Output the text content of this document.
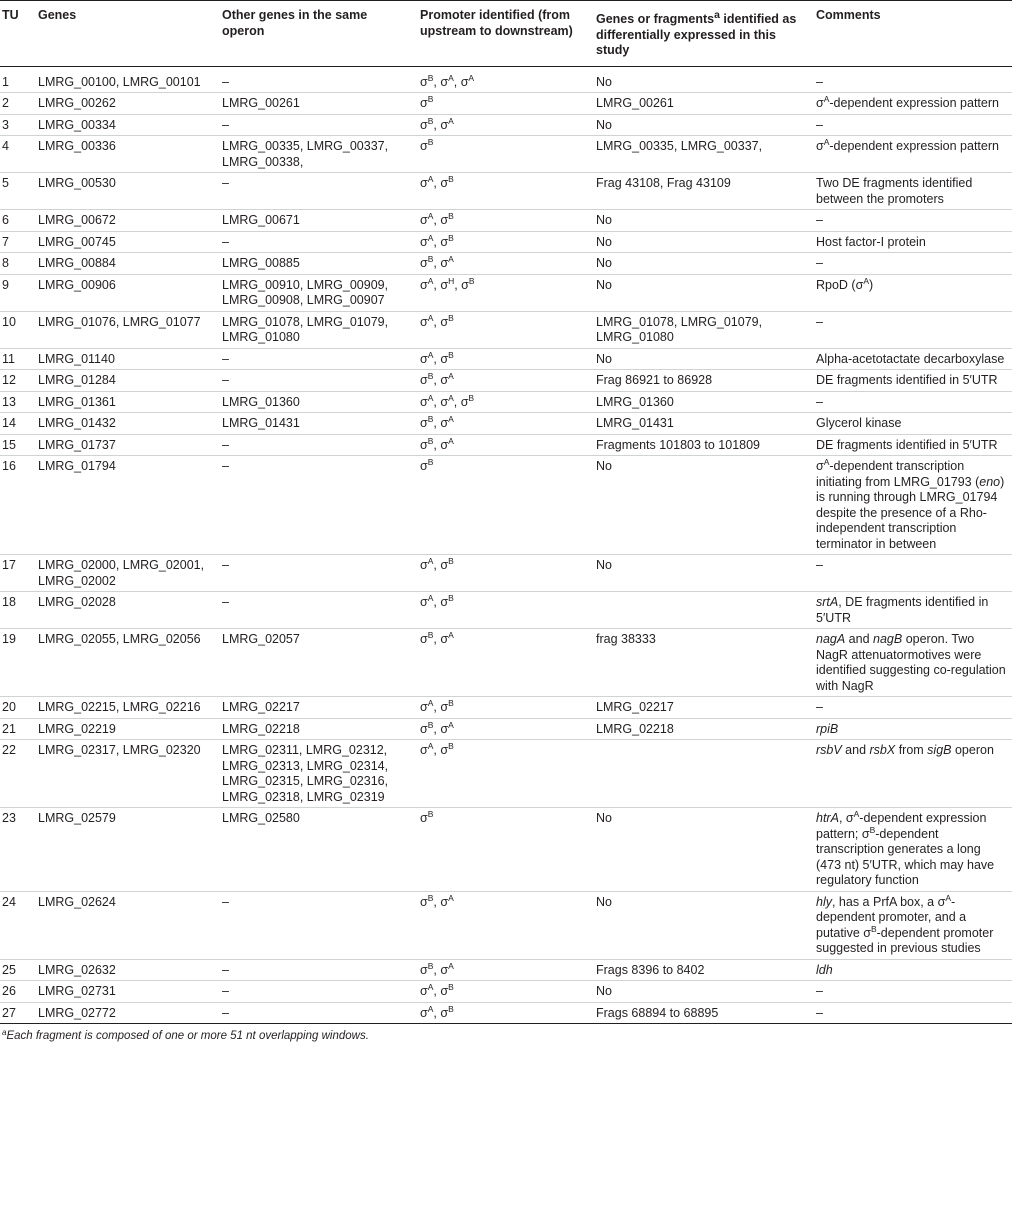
TU	Genes	Other genes in the same operon	Promoter identified (from upstream to downstream)	Genes or fragments$^a$ identified as differentially expressed in this study	Comments
1	LMRG_00100, LMRG_00101	–	$\sigma^B$, $\sigma^A$, $\sigma^A$	No	–
2	LMRG_00262	LMRG_00261	$\sigma^B$	LMRG_00261	$\sigma^A$-dependent expression pattern
3	LMRG_00334	–	$\sigma^B$, $\sigma^A$	No	–
4	LMRG_00336	LMRG_00335, LMRG_00337, LMRG_00338,	$\sigma^B$	LMRG_00335, LMRG_00337,	$\sigma^A$-dependent expression pattern
5	LMRG_00530	–	$\sigma^A$, $\sigma^B$	Frag 43108, Frag 43109	Two DE fragments identified between the promoters
6	LMRG_00672	LMRG_00671	$\sigma^A$, $\sigma^B$	No	–
7	LMRG_00745	–	$\sigma^A$, $\sigma^B$	No	Host factor-I protein
8	LMRG_00884	LMRG_00885	$\sigma^B$, $\sigma^A$	No	–
9	LMRG_00906	LMRG_00910, LMRG_00909, LMRG_00908, LMRG_00907	$\sigma^A$, $\sigma^H$, $\sigma^B$	No	RpoD $(\sigma^A)$
10	LMRG_01076, LMRG_01077	LMRG_01078, LMRG_01079, LMRG_01080	$\sigma^A$, $\sigma^B$	LMRG_01078, LMRG_01079, LMRG_01080	–
11	LMRG_01140	–	$\sigma^A$, $\sigma^B$	No	Alpha-acetotactate decarboxylase
12	LMRG_01284	–	$\sigma^B$, $\sigma^A$	Frag 86921 to 86928	DE fragments identified in 5′UTR
13	LMRG_01361	LMRG_01360	$\sigma^A$, $\sigma^A$, $\sigma^B$	LMRG_01360	–
14	LMRG_01432	LMRG_01431	$\sigma^B$, $\sigma^A$	LMRG_01431	Glycerol kinase
15	LMRG_01737	–	$\sigma^B$, $\sigma^A$	Fragments 101803 to 101809	DE fragments identified in 5′UTR
16	LMRG_01794	–	$\sigma^B$	No	$\sigma^A$-dependent transcription initiating from LMRG_01793 (eno) is running through LMRG_01794 despite the presence of a Rho-independent transcription terminator in between
17	LMRG_02000, LMRG_02001, LMRG_02002	–	$\sigma^A$, $\sigma^B$	No	–
18	LMRG_02028	–	$\sigma^A$, $\sigma^B$		srtA, DE fragments identified in 5′UTR
19	LMRG_02055, LMRG_02056	LMRG_02057	$\sigma^B$, $\sigma^A$	frag 38333	nagA and nagB operon. Two NagR attenuatormotives were identified suggesting co-regulation with NagR
20	LMRG_02215, LMRG_02216	LMRG_02217	$\sigma^A$, $\sigma^B$	LMRG_02217	–
21	LMRG_02219	LMRG_02218	$\sigma^B$, $\sigma^A$	LMRG_02218	rpiB
22	LMRG_02317, LMRG_02320	LMRG_02311, LMRG_02312, LMRG_02313, LMRG_02314, LMRG_02315, LMRG_02316, LMRG_02318, LMRG_02319	$\sigma^A$, $\sigma^B$		rsbV and rsbX from sigB operon
23	LMRG_02579	LMRG_02580	$\sigma^B$	No	htrA, $\sigma^A$-dependent expression pattern; $\sigma^B$-dependent transcription generates a long (473 nt) 5′UTR, which may have regulatory function
24	LMRG_02624	–	$\sigma^B$, $\sigma^A$	No	hly, has a PrfA box, a $\sigma^A$-dependent promoter, and a putative $\sigma^B$-dependent promoter suggested in previous studies
25	LMRG_02632	–	$\sigma^B$, $\sigma^A$	Frags 8396 to 8402	ldh
26	LMRG_02731	–	$\sigma^A$, $\sigma^B$	No	–
27	LMRG_02772	–	$\sigma^A$, $\sigma^B$	Frags 68894 to 68895	–
$^a$Each fragment is composed of one or more 51 nt overlapping windows.
